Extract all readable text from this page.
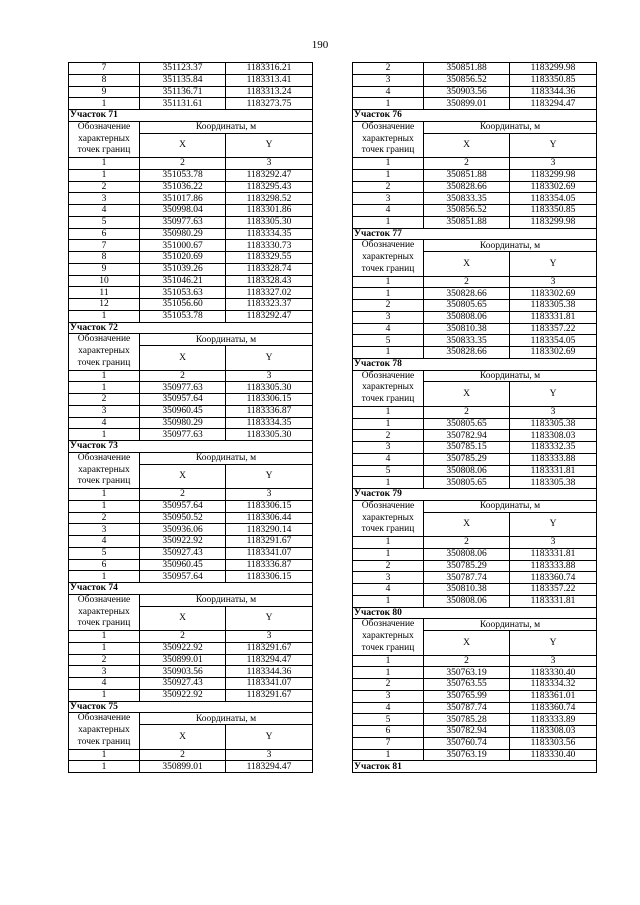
190
7	351123.37	1183316.21
8	351135.84	1183313.41
9	351136.71	1183313.24
1	351131.61	1183273.75
Участок 71		

Обозначение
характерных
точек границ	Координаты, м	
	X	Y

1	2	3
1	351053.78	1183292.47
2	351036.22	1183295.43
3	351017.86	1183298.52
4	350998.04	1183301.86
5	350977.63	1183305.30
6	350980.29	1183334.35
7	351000.67	1183330.73
8	351020.69	1183329.55
9	351039.26	1183328.74
10	351046.21	1183328.43
11	351053.63	1183327.02
12	351056.60	1183323.37
1	351053.78	1183292.47
Участок 72		

Обозначение
характерных
точек границ	Координаты, м	
	X	Y

1	2	3
1	350977.63	1183305.30
2	350957.64	1183306.15
3	350960.45	1183336.87
4	350980.29	1183334.35
1	350977.63	1183305.30
Участок 73		

Обозначение
характерных
точек границ	Координаты, м	
	X	Y

1	2	3
1	350957.64	1183306.15
2	350950.52	1183306.44
3	350936.06	1183290.14
4	350922.92	1183291.67
5	350927.43	1183341.07
6	350960.45	1183336.87
1	350957.64	1183306.15
Участок 74		

Обозначение
характерных
точек границ	Координаты, м	
	X	Y

1	2	3
1	350922.92	1183291.67
2	350899.01	1183294.47
3	350903.56	1183344.36
4	350927.43	1183341.07
1	350922.92	1183291.67
Участок 75		

Обозначение
характерных
точек границ	Координаты, м	
	X	Y

1	2	3
1	350899.01	1183294.47
2	350851.88	1183299.98
3	350856.52	1183350.85
4	350903.56	1183344.36
1	350899.01	1183294.47
Участок 76		

Обозначение
характерных
точек границ	Координаты, м	
	X	Y

1	2	3
1	350851.88	1183299.98
2	350828.66	1183302.69
3	350833.35	1183354.05
4	350856.52	1183350.85
1	350851.88	1183299.98
Участок 77		

Обозначение
характерных
точек границ	Координаты, м	
	X	Y

1	2	3
1	350828.66	1183302.69
2	350805.65	1183305.38
3	350808.06	1183331.81
4	350810.38	1183357.22
5	350833.35	1183354.05
1	350828.66	1183302.69
Участок 78		

Обозначение
характерных
точек границ	Координаты, м	
	X	Y

1	2	3
1	350805.65	1183305.38
2	350782.94	1183308.03
3	350785.15	1183332.35
4	350785.29	1183333.88
5	350808.06	1183331.81
1	350805.65	1183305.38
Участок 79		

Обозначение
характерных
точек границ	Координаты, м	
	X	Y

1	2	3
1	350808.06	1183331.81
2	350785.29	1183333.88
3	350787.74	1183360.74
4	350810.38	1183357.22
1	350808.06	1183331.81
Участок 80		

Обозначение
характерных
точек границ	Координаты, м	
	X	Y

1	2	3
1	350763.19	1183330.40
2	350763.55	1183334.32
3	350765.99	1183361.01
4	350787.74	1183360.74
5	350785.28	1183333.89
6	350782.94	1183308.03
7	350760.74	1183303.56
1	350763.19	1183330.40
Участок 81		
